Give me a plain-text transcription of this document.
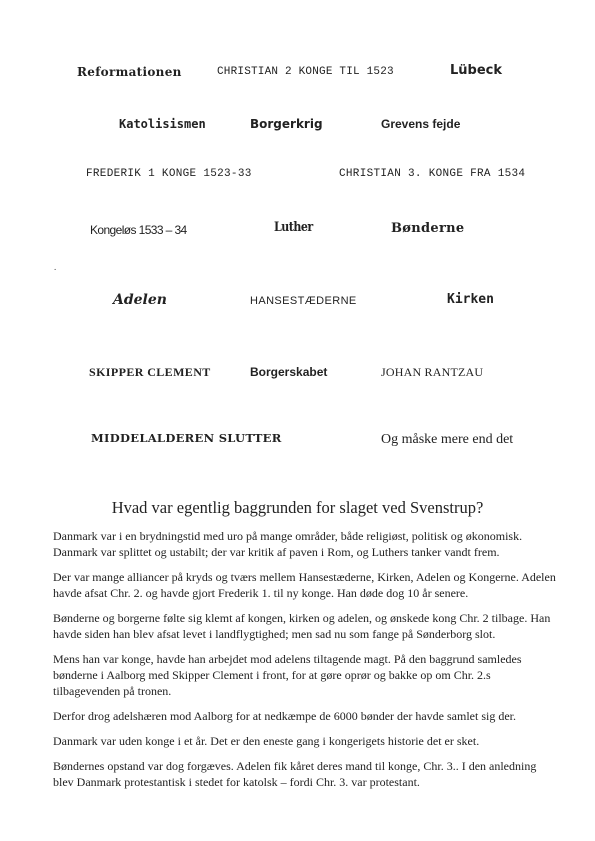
Reformationen	CHRISTIAN 2 KONGE TIL 1523	Lübeck
Katolisismen	Borgerkrig	Grevens fejde
FREDERIK 1 KONGE 1523-33	CHRISTIAN 3. KONGE FRA 1534
Kongeløs 1533 – 34	Luther	Bønderne
.
Adelen	HANSESTÆDERNE	Kirken
SKIPPER CLEMENT	Borgerskabet	JOHAN RANTZAU
MIDDELALDEREN SLUTTER	Og måske mere end det
Hvad var egentlig baggrunden for slaget ved Svenstrup?

Danmark var i en brydningstid med uro på mange områder, både religiøst, politisk og økonomisk. Danmark var splittet og ustabilt; der var kritik af paven i Rom, og Luthers tanker vandt frem.

Der var mange alliancer på kryds og tværs mellem Hansestæderne, Kirken, Adelen og Kongerne. Adelen havde afsat Chr. 2. og havde gjort Frederik 1. til ny konge. Han døde dog 10 år senere.

Bønderne og borgerne følte sig klemt af kongen, kirken og adelen, og ønskede kong Chr. 2 tilbage. Han havde siden han blev afsat levet i landflygtighed; men sad nu som fange på Sønderborg slot.

Mens han var konge, havde han arbejdet mod adelens tiltagende magt. På den baggrund samledes bønderne i Aalborg med Skipper Clement i front, for at gøre oprør og bakke op om Chr. 2.s tilbagevenden på tronen.

Derfor drog adelshæren mod Aalborg for at nedkæmpe de 6000 bønder der havde samlet sig der.

Danmark var uden konge i et år. Det er den eneste gang i kongerigets historie det er sket.

Bøndernes opstand var dog forgæves. Adelen fik kåret deres mand til konge, Chr. 3.. I den anledning blev Danmark protestantisk i stedet for katolsk – fordi Chr. 3. var protestant.
